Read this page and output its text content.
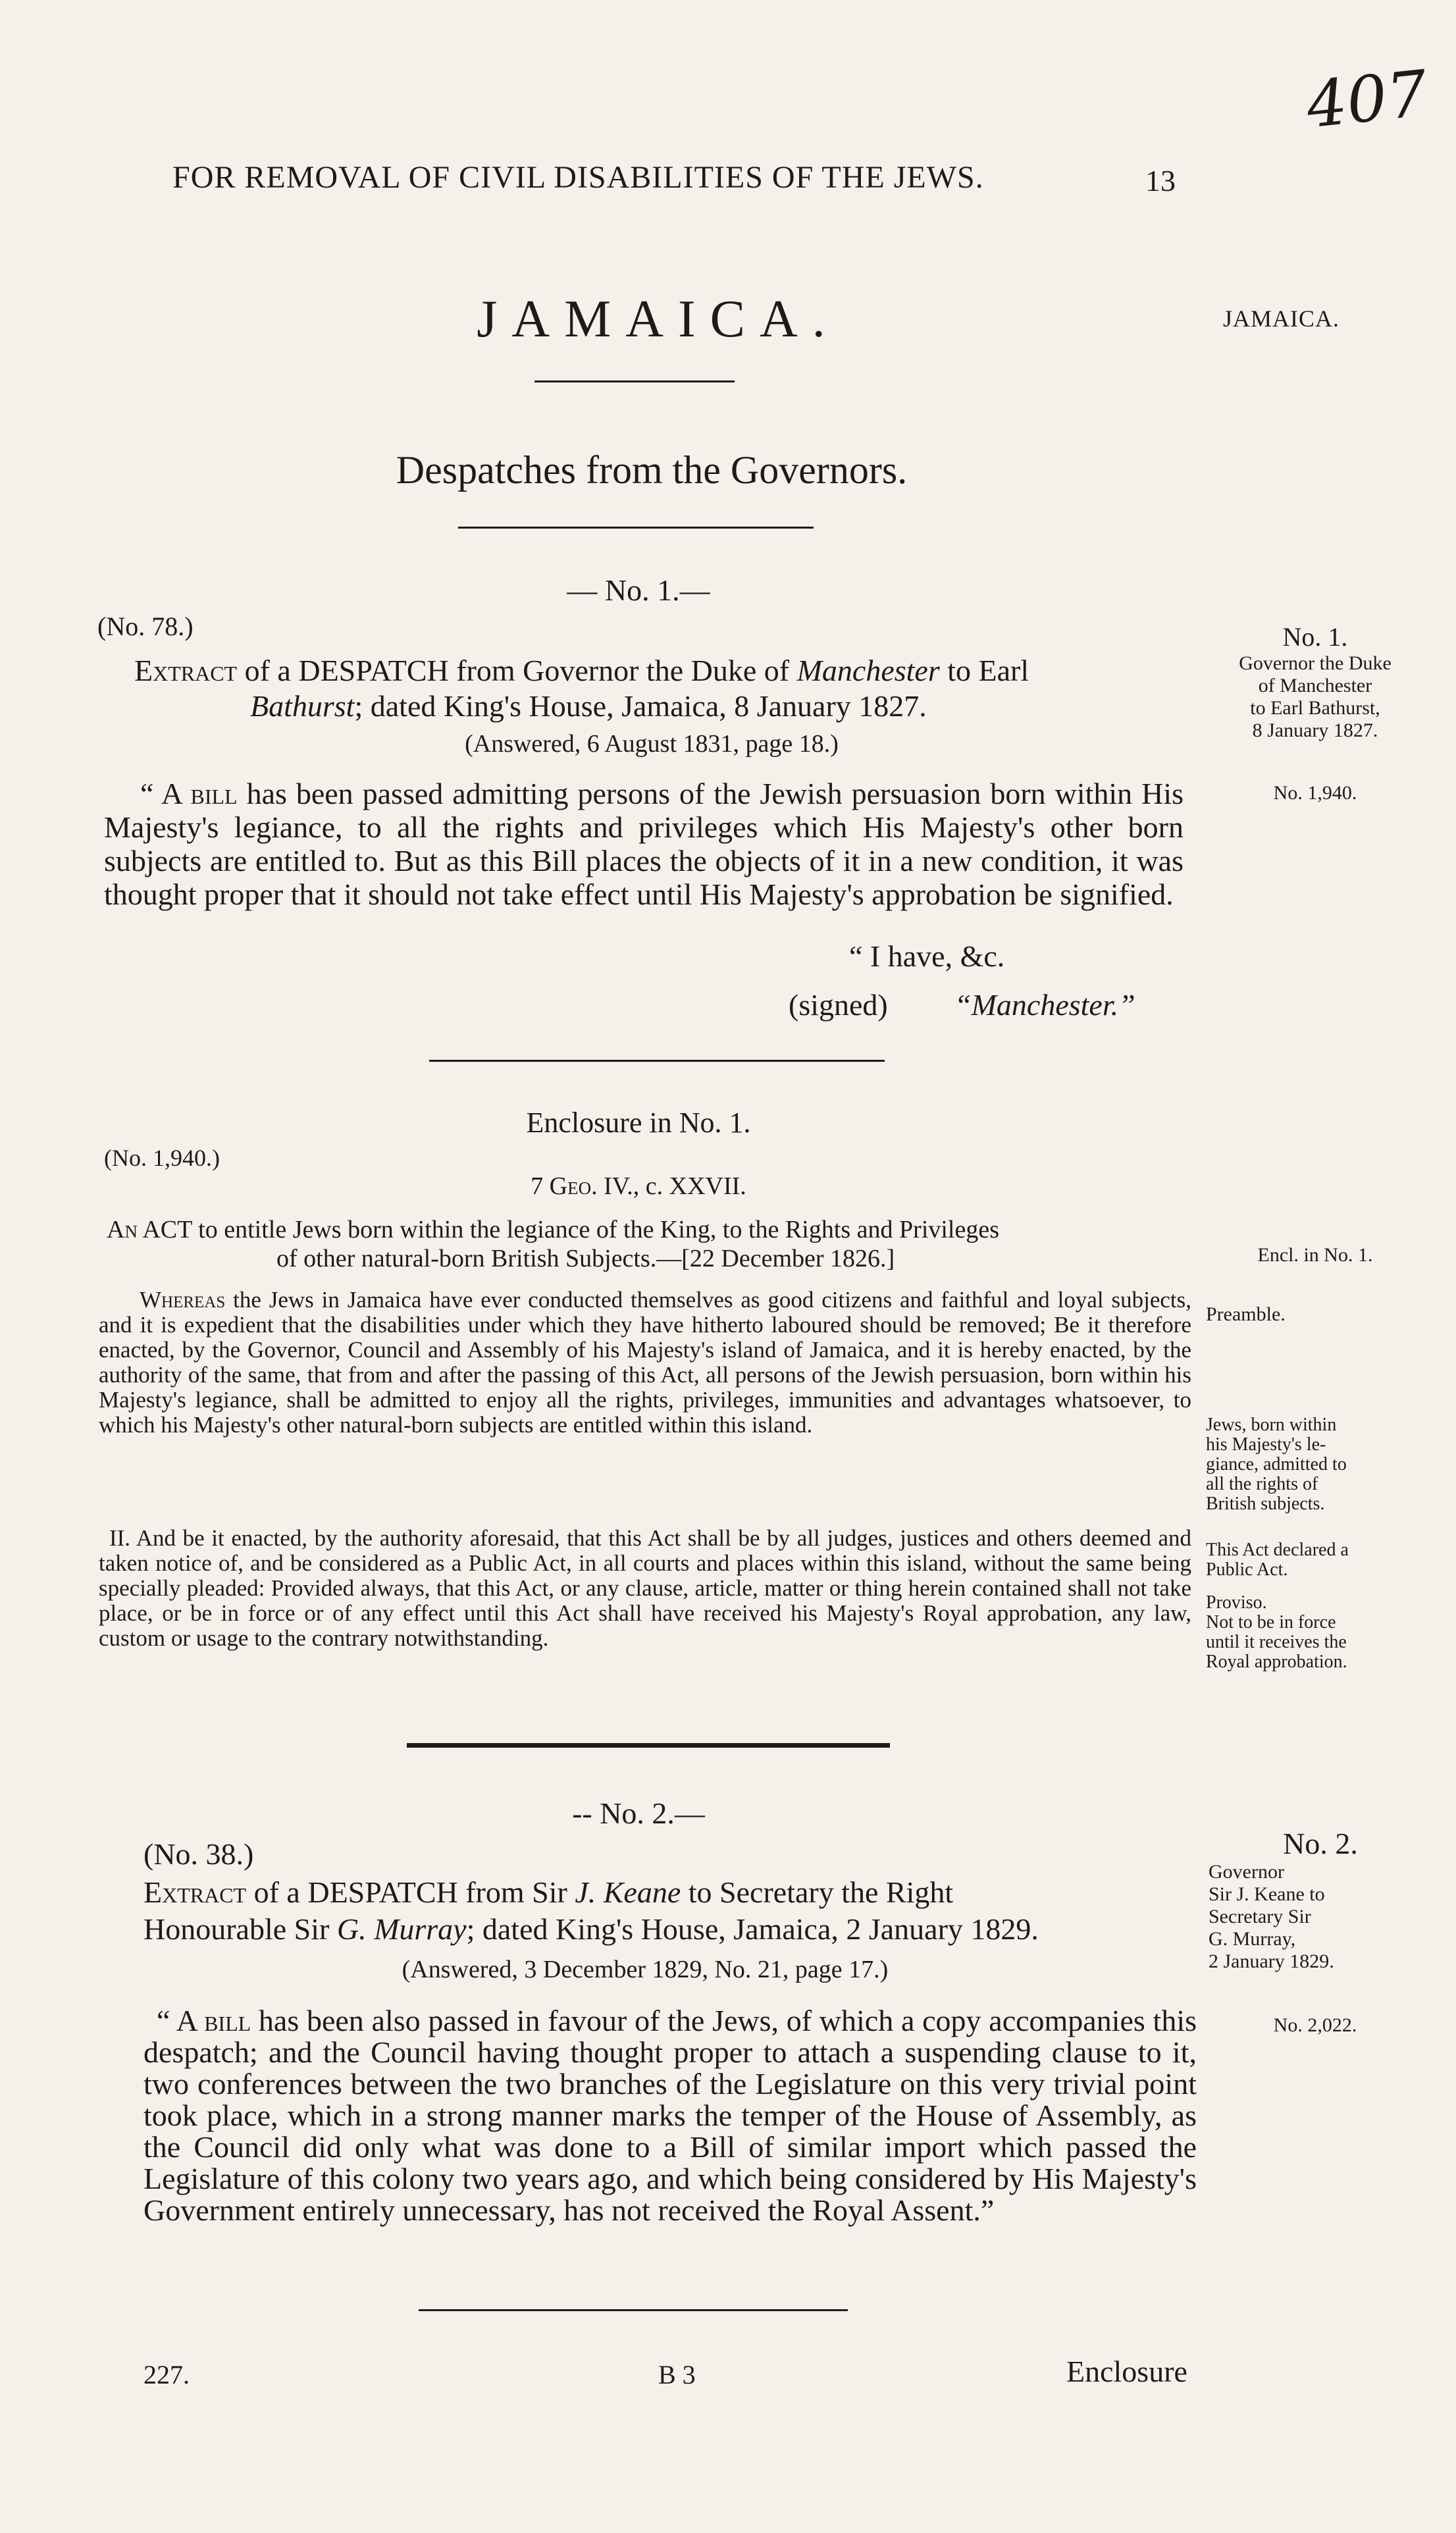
407
FOR REMOVAL OF CIVIL DISABILITIES OF THE JEWS.	13
JAMAICA.	JAMAICA.
Despatches from the Governors.
— No. 1.—
(No. 78.)
Extract of a DESPATCH from Governor the Duke of Manchester to Earl
Bathurst; dated King's House, Jamaica, 8 January 1827.
(Answered, 6 August 1831, page 18.)
“ A bill has been passed admitting persons of the Jewish persuasion born within His Majesty's legiance, to all the rights and privileges which His Majesty's other born subjects are entitled to. But as this Bill places the objects of it in a new condition, it was thought proper that it should not take effect until His Majesty's approbation be signified.
“ I have, &c.
(signed) “Manchester.”
No. 1.
Governor the Duke
of Manchester
to Earl Bathurst,
8 January 1827.
No. 1,940.
Enclosure in No. 1.
(No. 1,940.)
7 Geo. IV., c. XXVII.
An ACT to entitle Jews born within the legiance of the King, to the Rights and Privileges
of other natural-born British Subjects.—[22 December 1826.]
Whereas the Jews in Jamaica have ever conducted themselves as good citizens and faithful and loyal subjects, and it is expedient that the disabilities under which they have hitherto laboured should be removed; Be it therefore enacted, by the Governor, Council and Assembly of his Majesty's island of Jamaica, and it is hereby enacted, by the authority of the same, that from and after the passing of this Act, all persons of the Jewish persuasion, born within his Majesty's legiance, shall be admitted to enjoy all the rights, privileges, immunities and advantages whatsoever, to which his Majesty's other natural-born subjects are entitled within this island.
II. And be it enacted, by the authority aforesaid, that this Act shall be by all judges, justices and others deemed and taken notice of, and be considered as a Public Act, in all courts and places within this island, without the same being specially pleaded: Provided always, that this Act, or any clause, article, matter or thing herein contained shall not take place, or be in force or of any effect until this Act shall have received his Majesty's Royal approbation, any law, custom or usage to the contrary notwithstanding.
Encl. in No. 1.
Preamble.
Jews, born within
his Majesty's le-
giance, admitted to
all the rights of
British subjects.
This Act declared a
Public Act.
Proviso.
Not to be in force
until it receives the
Royal approbation.
-- No. 2.—
(No. 38.)
Extract of a DESPATCH from Sir J. Keane to Secretary the Right
Honourable Sir G. Murray; dated King's House, Jamaica, 2 January 1829.
(Answered, 3 December 1829, No. 21, page 17.)
“ A bill has been also passed in favour of the Jews, of which a copy accompanies this despatch; and the Council having thought proper to attach a suspending clause to it, two conferences between the two branches of the Legislature on this very trivial point took place, which in a strong manner marks the temper of the House of Assembly, as the Council did only what was done to a Bill of similar import which passed the Legislature of this colony two years ago, and which being considered by His Majesty's Government entirely unnecessary, has not received the Royal Assent.”
No. 2.
Governor
Sir J. Keane to
Secretary Sir
G. Murray,
2 January 1829.
No. 2,022.
227.	B 3	Enclosure
